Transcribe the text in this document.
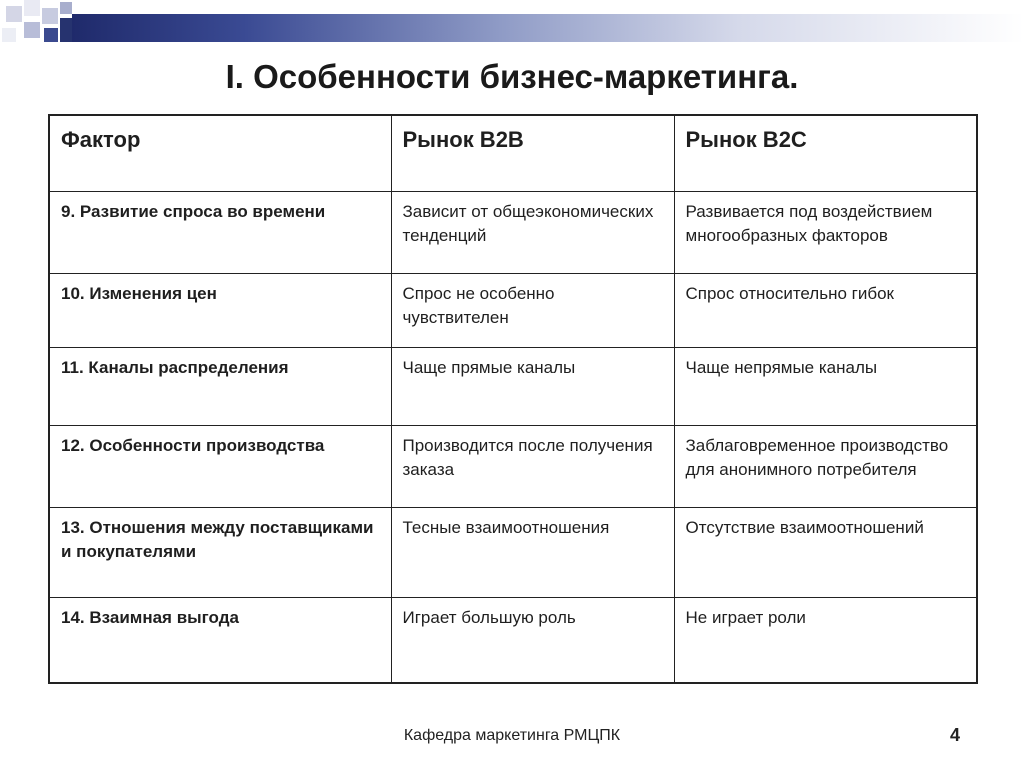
I. Особенности бизнес-маркетинга.
Фактор	Рынок B2B	Рынок B2C
9. Развитие спроса во времени	Зависит от общеэкономических тенденций	Развивается под воздействием многообразных факторов
10. Изменения цен	Спрос не особенно чувствителен	Спрос относительно гибок
11. Каналы распределения	Чаще прямые каналы	Чаще непрямые каналы
12. Особенности производства	Производится после получения заказа	Заблаговременное производство для анонимного потребителя
13. Отношения между поставщиками и покупателями	Тесные взаимоотношения	Отсутствие взаимоотношений
14. Взаимная выгода	Играет большую роль	Не играет роли
Кафедра маркетинга РМЦПК	4
